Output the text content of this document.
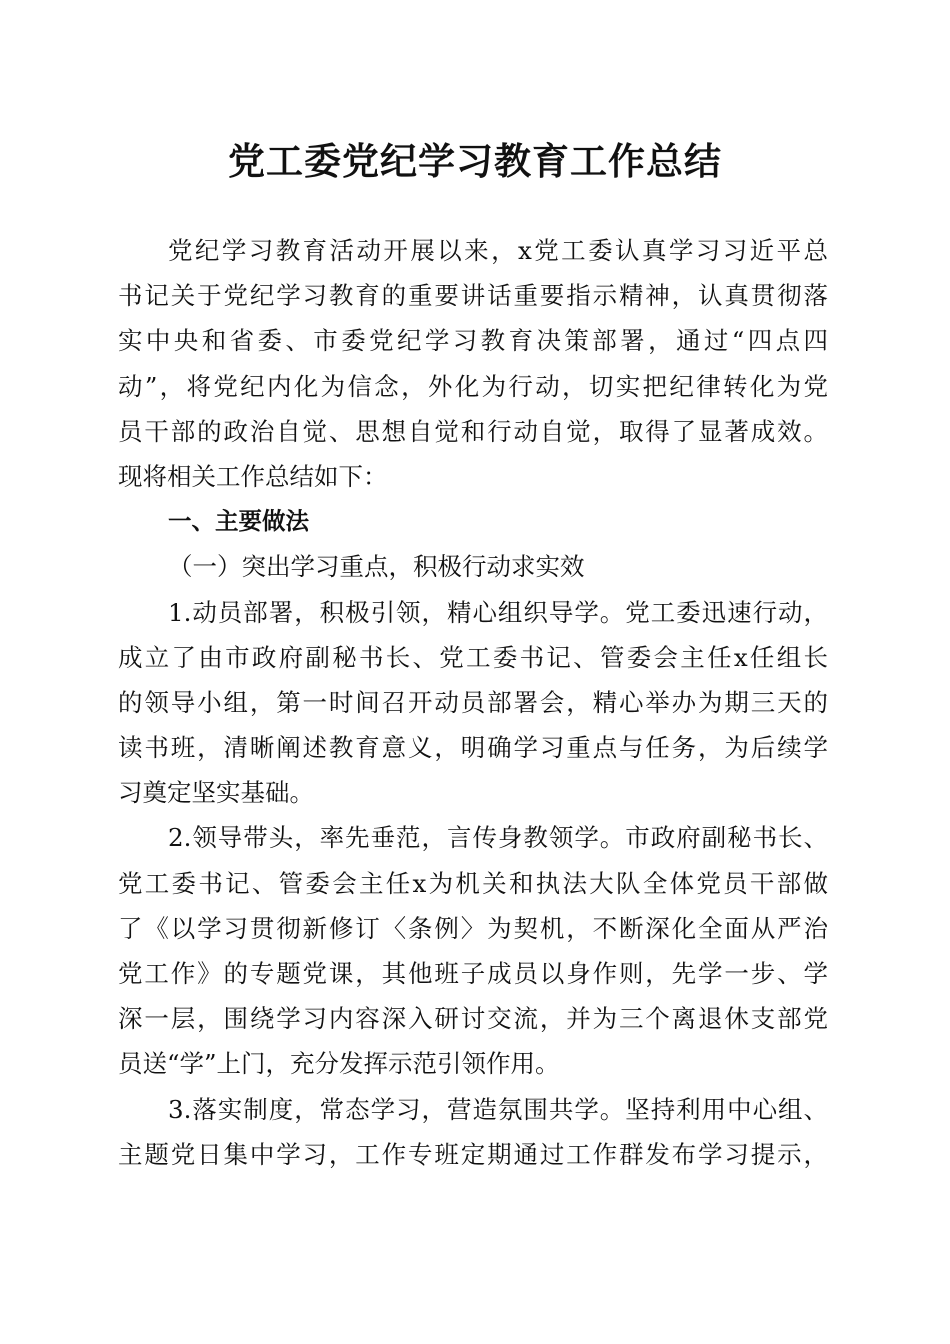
党工委党纪学习教育工作总结

党纪学习教育活动开展以来，x党工委认真学习习近平总

书记关于党纪学习教育的重要讲话重要指示精神，认真贯彻落

实中央和省委、市委党纪学习教育决策部署，通过“四点四

动”，将党纪内化为信念，外化为行动，切实把纪律转化为党

员干部的政治自觉、思想自觉和行动自觉，取得了显著成效。

现将相关工作总结如下：

一、主要做法

（一）突出学习重点，积极行动求实效

1.动员部署，积极引领，精心组织导学。党工委迅速行动，

成立了由市政府副秘书长、党工委书记、管委会主任x任组长

的领导小组，第一时间召开动员部署会，精心举办为期三天的

读书班，清晰阐述教育意义，明确学习重点与任务，为后续学

习奠定坚实基础。

2.领导带头，率先垂范，言传身教领学。市政府副秘书长、

党工委书记、管委会主任x为机关和执法大队全体党员干部做

了《以学习贯彻新修订〈条例〉为契机，不断深化全面从严治

党工作》的专题党课，其他班子成员以身作则，先学一步、学

深一层，围绕学习内容深入研讨交流，并为三个离退休支部党

员送“学”上门，充分发挥示范引领作用。

3.落实制度，常态学习，营造氛围共学。坚持利用中心组、

主题党日集中学习，工作专班定期通过工作群发布学习提示，
